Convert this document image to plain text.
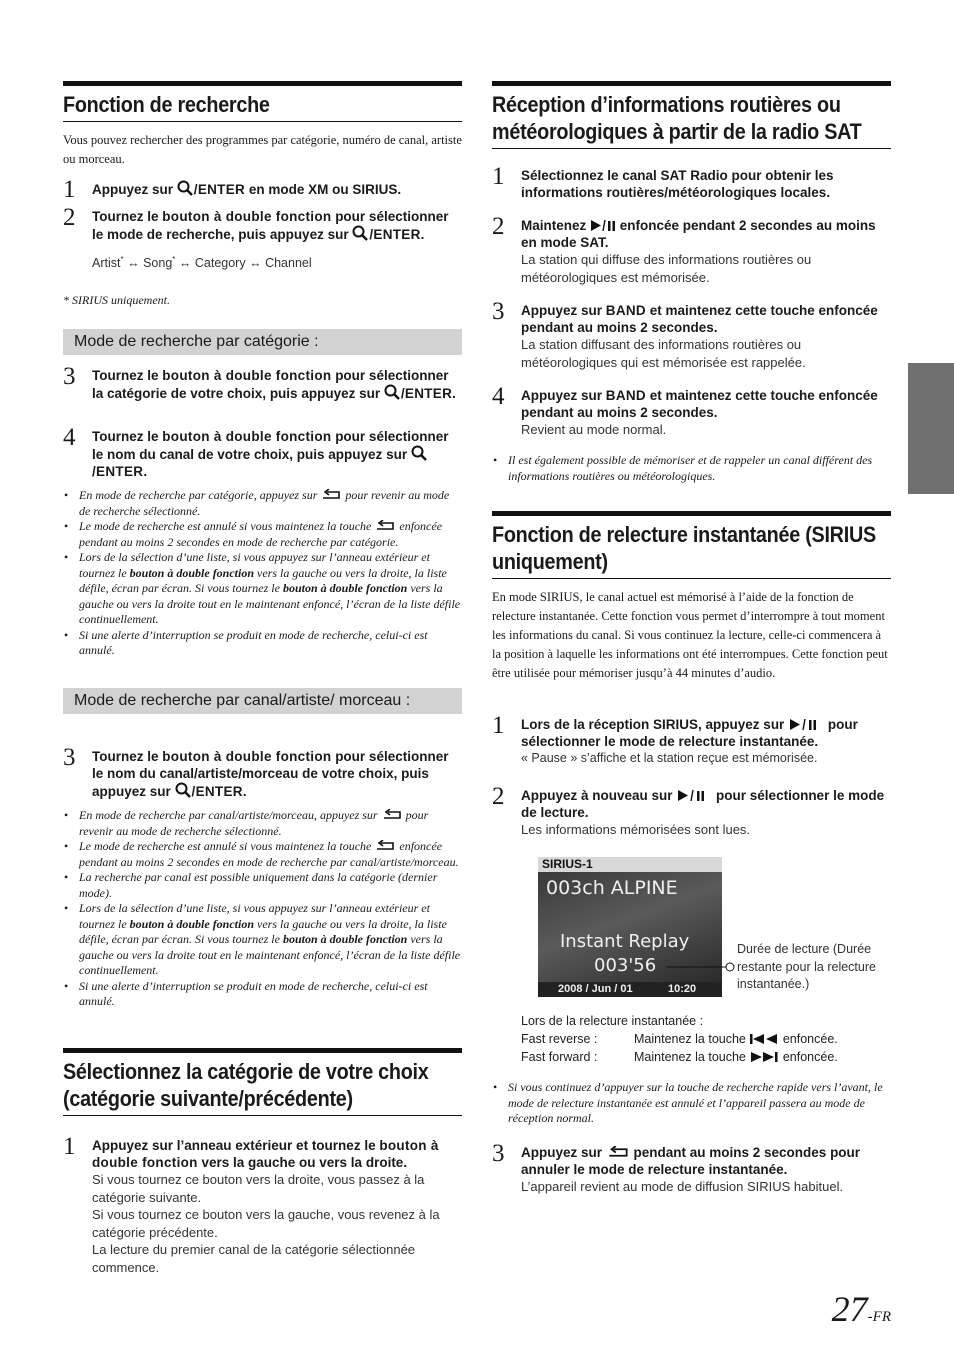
Fonction de recherche

Vous pouvez rechercher des programmes par catégorie, numéro de canal, artiste ou morceau.

1 Appuyez sur /ENTER en mode XM ou SIRIUS.
2 Tournez le bouton à double fonction pour sélectionner le mode de recherche, puis appuyez sur /ENTER.
Artist* ↔ Song* ↔ Category ↔ Channel

* SIRIUS uniquement.

Mode de recherche par catégorie :
3 Tournez le bouton à double fonction pour sélectionner la catégorie de votre choix, puis appuyez sur /ENTER.
4 Tournez le bouton à double fonction pour sélectionner le nom du canal de votre choix, puis appuyez sur /ENTER.
• En mode de recherche par catégorie, appuyez sur  pour revenir au mode de recherche sélectionné.
• Le mode de recherche est annulé si vous maintenez la touche  enfoncée pendant au moins 2 secondes en mode de recherche par catégorie.
• Lors de la sélection d’une liste, si vous appuyez sur l’anneau extérieur et tournez le bouton à double fonction vers la gauche ou vers la droite, la liste défile, écran par écran. Si vous tournez le bouton à double fonction vers la gauche ou vers la droite tout en le maintenant enfoncé, l’écran de la liste défile continuellement.
• Si une alerte d’interruption se produit en mode de recherche, celui-ci est annulé.
Mode de recherche par canal/artiste/ morceau :
3 Tournez le bouton à double fonction pour sélectionner le nom du canal/artiste/morceau de votre choix, puis appuyez sur /ENTER.
• En mode de recherche par canal/artiste/morceau, appuyez sur  pour revenir au mode de recherche sélectionné.
• Le mode de recherche est annulé si vous maintenez la touche  enfoncée pendant au moins 2 secondes en mode de recherche par canal/artiste/morceau.
• La recherche par canal est possible uniquement dans la catégorie (dernier mode).
• Lors de la sélection d’une liste, si vous appuyez sur l’anneau extérieur et tournez le bouton à double fonction vers la gauche ou vers la droite, la liste défile, écran par écran. Si vous tournez le bouton à double fonction vers la gauche ou vers la droite tout en le maintenant enfoncé, l’écran de la liste défile continuellement.
• Si une alerte d’interruption se produit en mode de recherche, celui-ci est annulé.
Sélectionnez la catégorie de votre choix (catégorie suivante/précédente)
1 Appuyez sur l’anneau extérieur et tournez le bouton à double fonction vers la gauche ou vers la droite.
Si vous tournez ce bouton vers la droite, vous passez à la catégorie suivante.
Si vous tournez ce bouton vers la gauche, vous revenez à la catégorie précédente.
La lecture du premier canal de la catégorie sélectionnée commence.
Réception d’informations routières ou météorologiques à partir de la radio SAT
1 Sélectionnez le canal SAT Radio pour obtenir les informations routières/météorologiques locales.
2 Maintenez  enfoncée pendant 2 secondes au moins en mode SAT.
La station qui diffuse des informations routières ou météorologiques est mémorisée.
3 Appuyez sur BAND et maintenez cette touche enfoncée pendant au moins 2 secondes.
La station diffusant des informations routières ou météorologiques qui est mémorisée est rappelée.
4 Appuyez sur BAND et maintenez cette touche enfoncée pendant au moins 2 secondes.
Revient au mode normal.
• Il est également possible de mémoriser et de rappeler un canal différent des informations routières ou météorologiques.
Fonction de relecture instantanée (SIRIUS uniquement)

En mode SIRIUS, le canal actuel est mémorisé à l’aide de la fonction de relecture instantanée. Cette fonction vous permet d’interrompre à tout moment les informations du canal. Si vous continuez la lecture, celle-ci commencera à la position à laquelle les informations ont été interrompues. Cette fonction peut être utilisée pour mémoriser jusqu’à 44 minutes d’audio.

1 Lors de la réception SIRIUS, appuyez sur	pour sélectionner le mode de relecture instantanée.
« Pause » s’affiche et la station reçue est mémorisée.
2 Appuyez à nouveau sur	pour sélectionner le mode de lecture.
Les informations mémorisées sont lues.
SIRIUS-1
003ch ALPINE
Instant Replay
003'56
2008 / Jun / 01	10:20
Durée de lecture (Durée restante pour la relecture instantanée.)
Lors de la relecture instantanée :
Fast reverse :	Maintenez la touche  enfoncée.
Fast forward :	Maintenez la touche  enfoncée.
• Si vous continuez d’appuyer sur la touche de recherche rapide vers l’avant, le mode de relecture instantanée est annulé et l’appareil passera au mode de réception normal.
3 Appuyez sur  pendant au moins 2 secondes pour annuler le mode de relecture instantanée.
L’appareil revient au mode de diffusion SIRIUS habituel.
27-FR
